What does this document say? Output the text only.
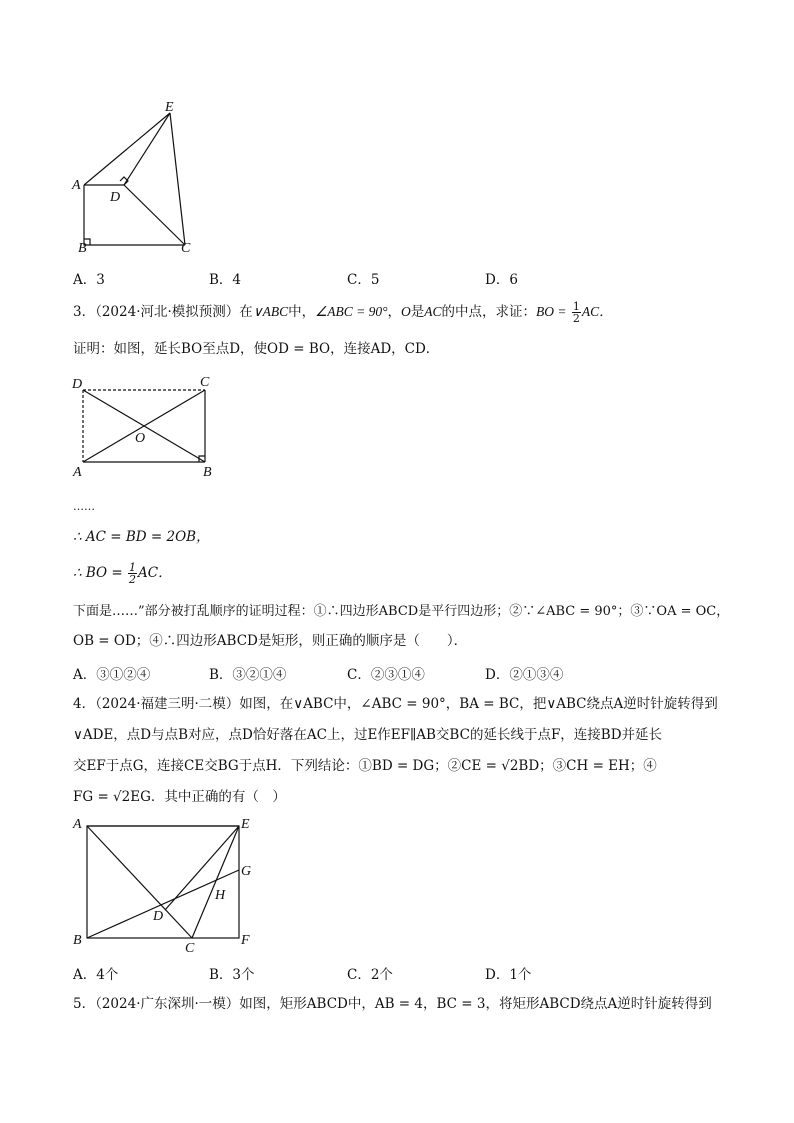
E
A
D
B	C
A．3	B．4	C．5	D．6
3．（2024·河北·模拟预测）在∨ABC中，∠ABC = 90°，O是AC的中点，求证：BO = $\frac{1}{2}$ AC．
证明：如图，延长BO至点D，使OD = BO，连接AD，CD．
D	C
O
A	B
……
∴ AC = BD = 2OB，
∴ BO = $\frac{1}{2}$ AC．
下面是……”部分被打乱顺序的证明过程：①∴四边形ABCD是平行四边形；②∵∠ABC = 90°；③∵OA = OC，
OB = OD；④∴四边形ABCD是矩形，则正确的顺序是（　　）．
A．③①②④	B．③②①④	C．②③①④	D．②①③④
4．（2024·福建三明·二模）如图，在∨ABC中，∠ABC = 90°，BA = BC，把∨ABC绕点A逆时针旋转得到
∨ADE，点D与点B对应，点D恰好落在AC上，过E作EF∥AB交BC的延长线于点F，连接BD并延长
交EF于点G，连接CE交BG于点H．下列结论：①BD = DG；②CE = √2BD；③CH = EH；④
FG = √2EG．其中正确的有（　）
A	E
G
H
D
B
C
F
A．4个	B．3个	C．2个	D．1个
5．（2024·广东深圳·一模）如图，矩形ABCD中，AB = 4，BC = 3，将矩形ABCD绕点A逆时针旋转得到
